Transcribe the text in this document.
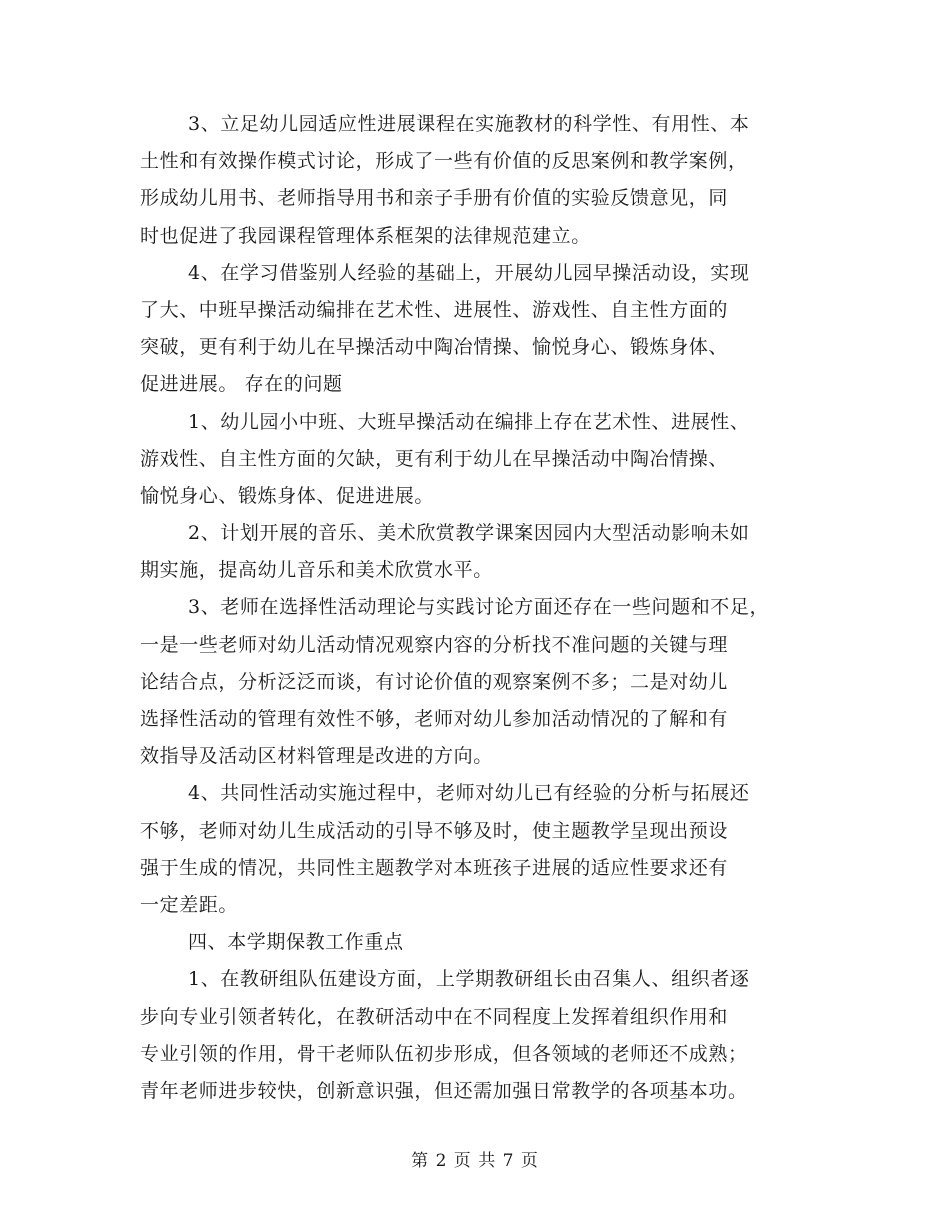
3、立足幼儿园适应性进展课程在实施教材的科学性、有用性、本
土性和有效操作模式讨论，形成了一些有价值的反思案例和教学案例，
形成幼儿用书、老师指导用书和亲子手册有价值的实验反馈意见，同
时也促进了我园课程管理体系框架的法律规范建立。
4、在学习借鉴别人经验的基础上，开展幼儿园早操活动设，实现
了大、中班早操活动编排在艺术性、进展性、游戏性、自主性方面的
突破，更有利于幼儿在早操活动中陶冶情操、愉悦身心、锻炼身体、
促进进展。 存在的问题
1、幼儿园小中班、大班早操活动在编排上存在艺术性、进展性、
游戏性、自主性方面的欠缺，更有利于幼儿在早操活动中陶冶情操、
愉悦身心、锻炼身体、促进进展。
2、计划开展的音乐、美术欣赏教学课案因园内大型活动影响未如
期实施，提高幼儿音乐和美术欣赏水平。
3、老师在选择性活动理论与实践讨论方面还存在一些问题和不足，
一是一些老师对幼儿活动情况观察内容的分析找不准问题的关键与理
论结合点，分析泛泛而谈，有讨论价值的观察案例不多；二是对幼儿
选择性活动的管理有效性不够，老师对幼儿参加活动情况的了解和有
效指导及活动区材料管理是改进的方向。
4、共同性活动实施过程中，老师对幼儿已有经验的分析与拓展还
不够，老师对幼儿生成活动的引导不够及时，使主题教学呈现出预设
强于生成的情况，共同性主题教学对本班孩子进展的适应性要求还有
一定差距。
四、本学期保教工作重点
1、在教研组队伍建设方面，上学期教研组长由召集人、组织者逐
步向专业引领者转化，在教研活动中在不同程度上发挥着组织作用和
专业引领的作用，骨干老师队伍初步形成，但各领域的老师还不成熟；
青年老师进步较快，创新意识强，但还需加强日常教学的各项基本功。
第 2 页 共 7 页
